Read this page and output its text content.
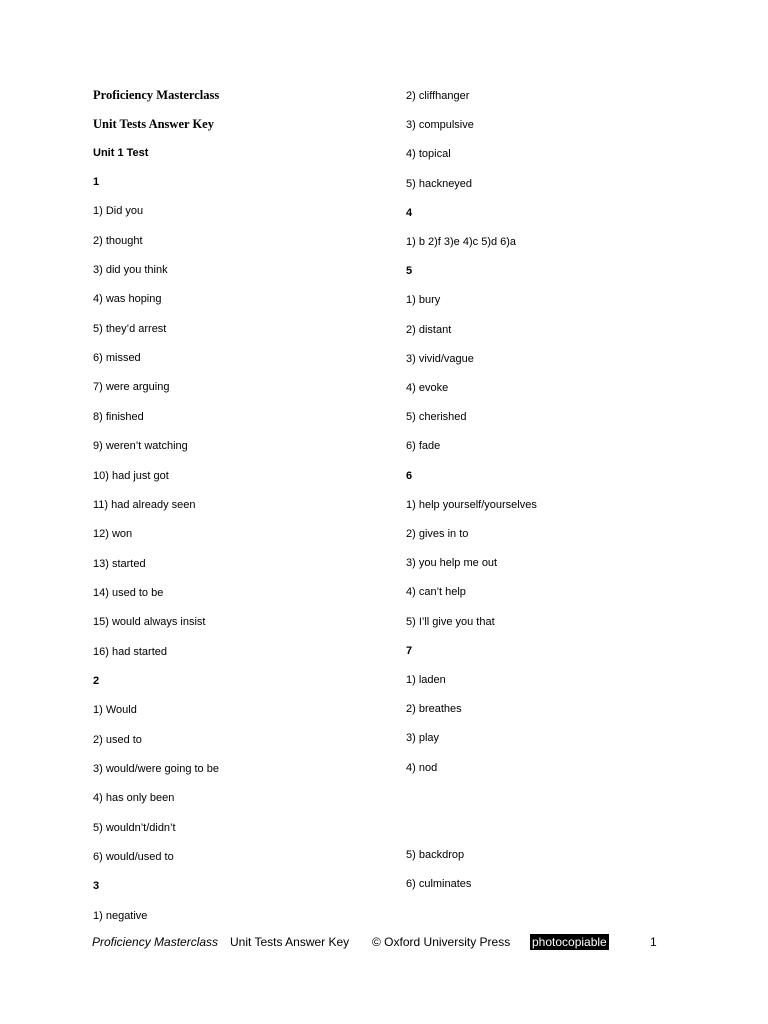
Proficiency Masterclass
Unit Tests Answer Key
Unit 1 Test
1
1) Did you
2) thought
3) did you think
4) was hoping
5) they’d arrest
6) missed
7) were arguing
8) finished
9) weren’t watching
10) had just got
11) had already seen
12) won
13) started
14) used to be
15) would always insist
16) had started
2
1) Would
2) used to
3) would/were going to be
4) has only been
5) wouldn’t/didn’t
6) would/used to
3
1) negative
2) cliffhanger
3) compulsive
4) topical
5) hackneyed
4
1) b 2)f 3)e 4)c 5)d 6)a
5
1) bury
2) distant
3) vivid/vague
4) evoke
5) cherished
6) fade
6
1) help yourself/yourselves
2) gives in to
3) you help me out
4) can’t help
5) I’ll give you that
7
1) laden
2) breathes
3) play
4) nod
5) backdrop
6) culminates
Proficiency Masterclass Unit Tests Answer Key © Oxford University Press photocopiable	1
